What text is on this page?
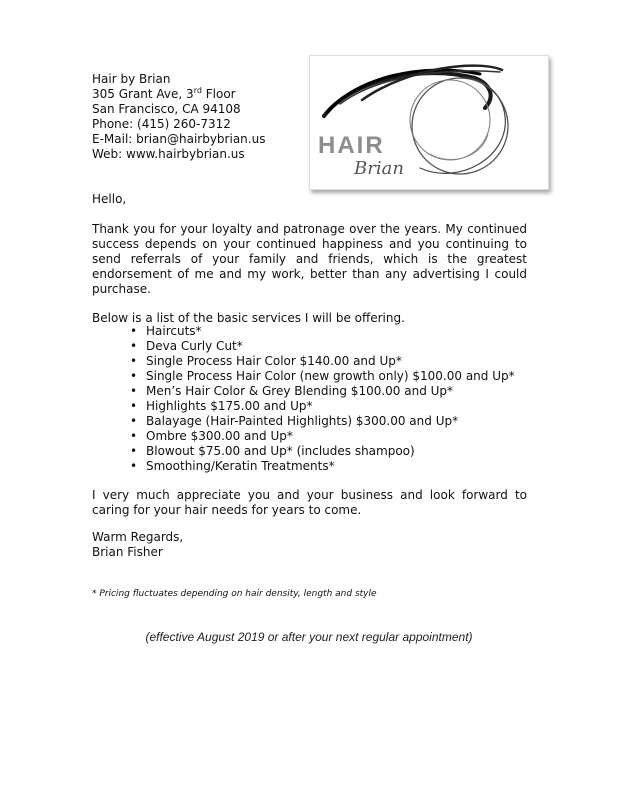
Hair by Brian
305 Grant Ave, 3rd Floor
San Francisco, CA 94108
Phone: (415) 260-7312
E-Mail: brian@hairbybrian.us
Web: www.hairbybrian.us	HAIR
Brian
Hello,
Thank you for your loyalty and patronage over the years. My continued success depends on your continued happiness and you continuing to send referrals of your family and friends, which is the greatest endorsement of me and my work, better than any advertising I could purchase.
Below is a list of the basic services I will be offering.
• Haircuts*
• Deva Curly Cut*
• Single Process Hair Color $140.00 and Up*
• Single Process Hair Color (new growth only) $100.00 and Up*
• Men’s Hair Color & Grey Blending $100.00 and Up*
• Highlights $175.00 and Up*
• Balayage (Hair-Painted Highlights) $300.00 and Up*
• Ombre $300.00 and Up*
• Blowout $75.00 and Up* (includes shampoo)
• Smoothing/Keratin Treatments*
I very much appreciate you and your business and look forward to caring for your hair needs for years to come.
Warm Regards,
Brian Fisher
* Pricing fluctuates depending on hair density, length and style
(effective August 2019 or after your next regular appointment)
